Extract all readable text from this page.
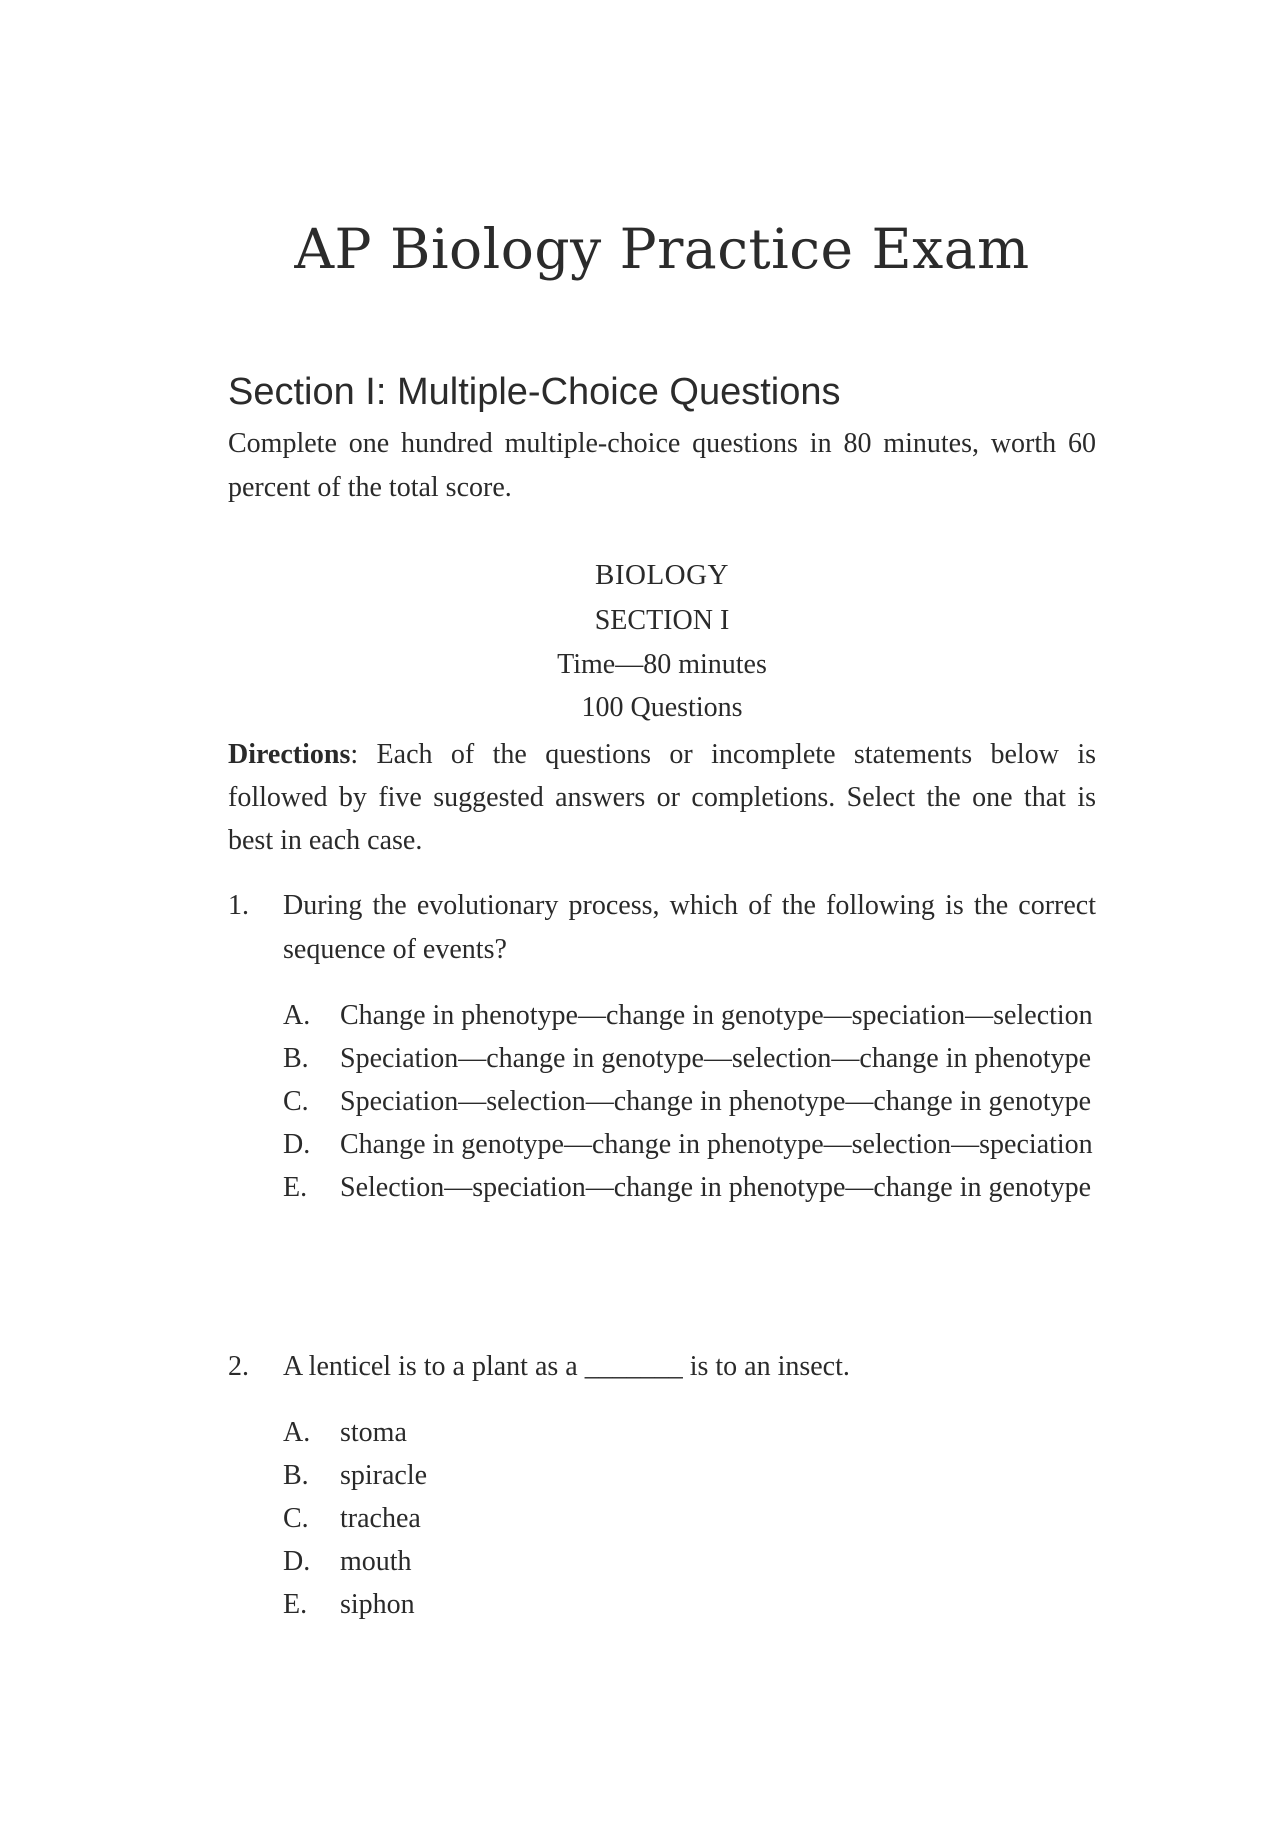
AP Biology Practice Exam
Section I: Multiple-Choice Questions

Complete one hundred multiple-choice questions in 80 minutes, worth 60 percent of the total score.

BIOLOGY

SECTION I

Time—80 minutes

100 Questions

Directions: Each of the questions or incomplete statements below is followed by five suggested answers or completions. Select the one that is best in each case.

1. During the evolutionary process, which of the following is the correct sequence of events?

A. Change in phenotype—change in genotype—speciation—selection
B. Speciation—change in genotype—selection—change in phenotype
C. Speciation—selection—change in phenotype—change in genotype
D. Change in genotype—change in phenotype—selection—speciation
E. Selection—speciation—change in phenotype—change in genotype
2. A lenticel is to a plant as a _______ is to an insect.

A. stoma
B. spiracle
C. trachea
D. mouth
E. siphon
